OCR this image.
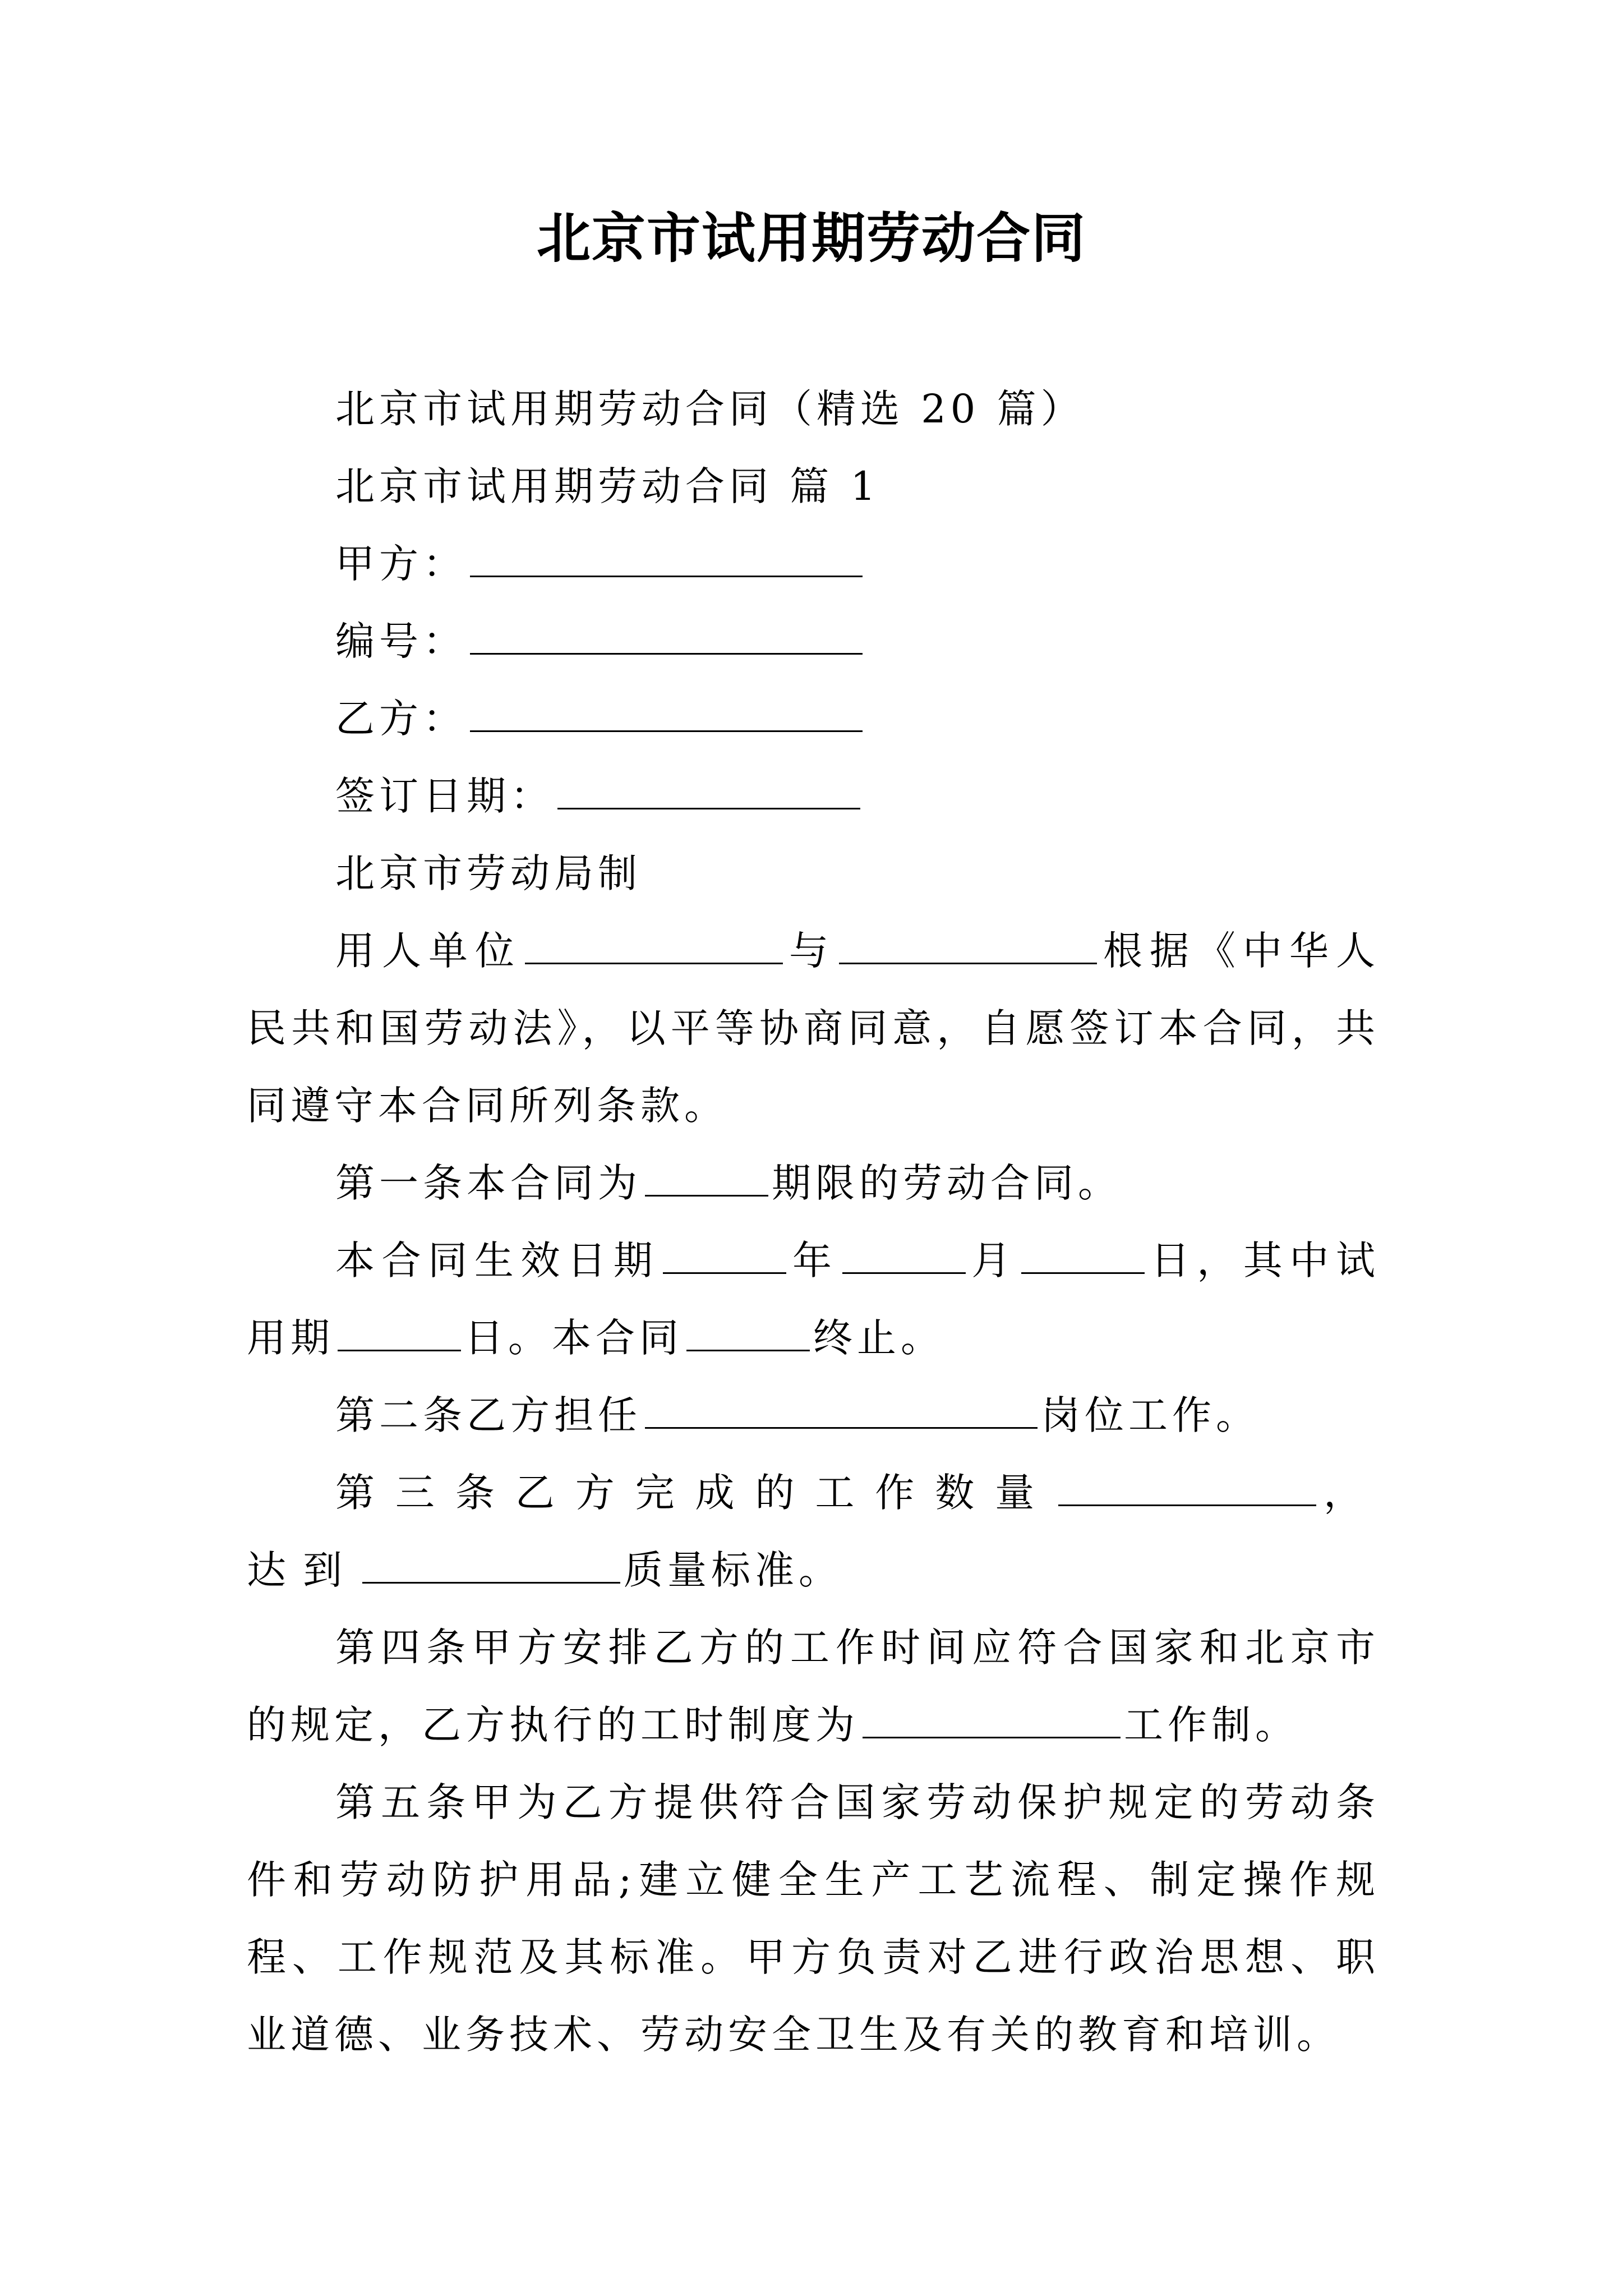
北京市试用期劳动合同

北京市试用期劳动合同（精选 20 篇）

北京市试用期劳动合同 篇 1

甲方：

编号：

乙方：

签订日期：

北京市劳动局制

用人单位	与	根据《中华人民共和国劳动法》，以平等协商同意，自愿签订本合同，共同遵守本合同所列条款。

第一条本合同为	期限的劳动合同。

本合同生效日期	年	月	日，其中试用期	日。本合同	终止。

第二条乙方担任	岗位工作。

第三条乙方完成的工作数量	，达到	质量标准。

第四条甲方安排乙方的工作时间应符合国家和北京市的规定，乙方执行的工时制度为	工作制。

第五条甲为乙方提供符合国家劳动保护规定的劳动条件和劳动防护用品;建立健全生产工艺流程、制定操作规程、工作规范及其标准。甲方负责对乙进行政治思想、职业道德、业务技术、劳动安全卫生及有关的教育和培训。
